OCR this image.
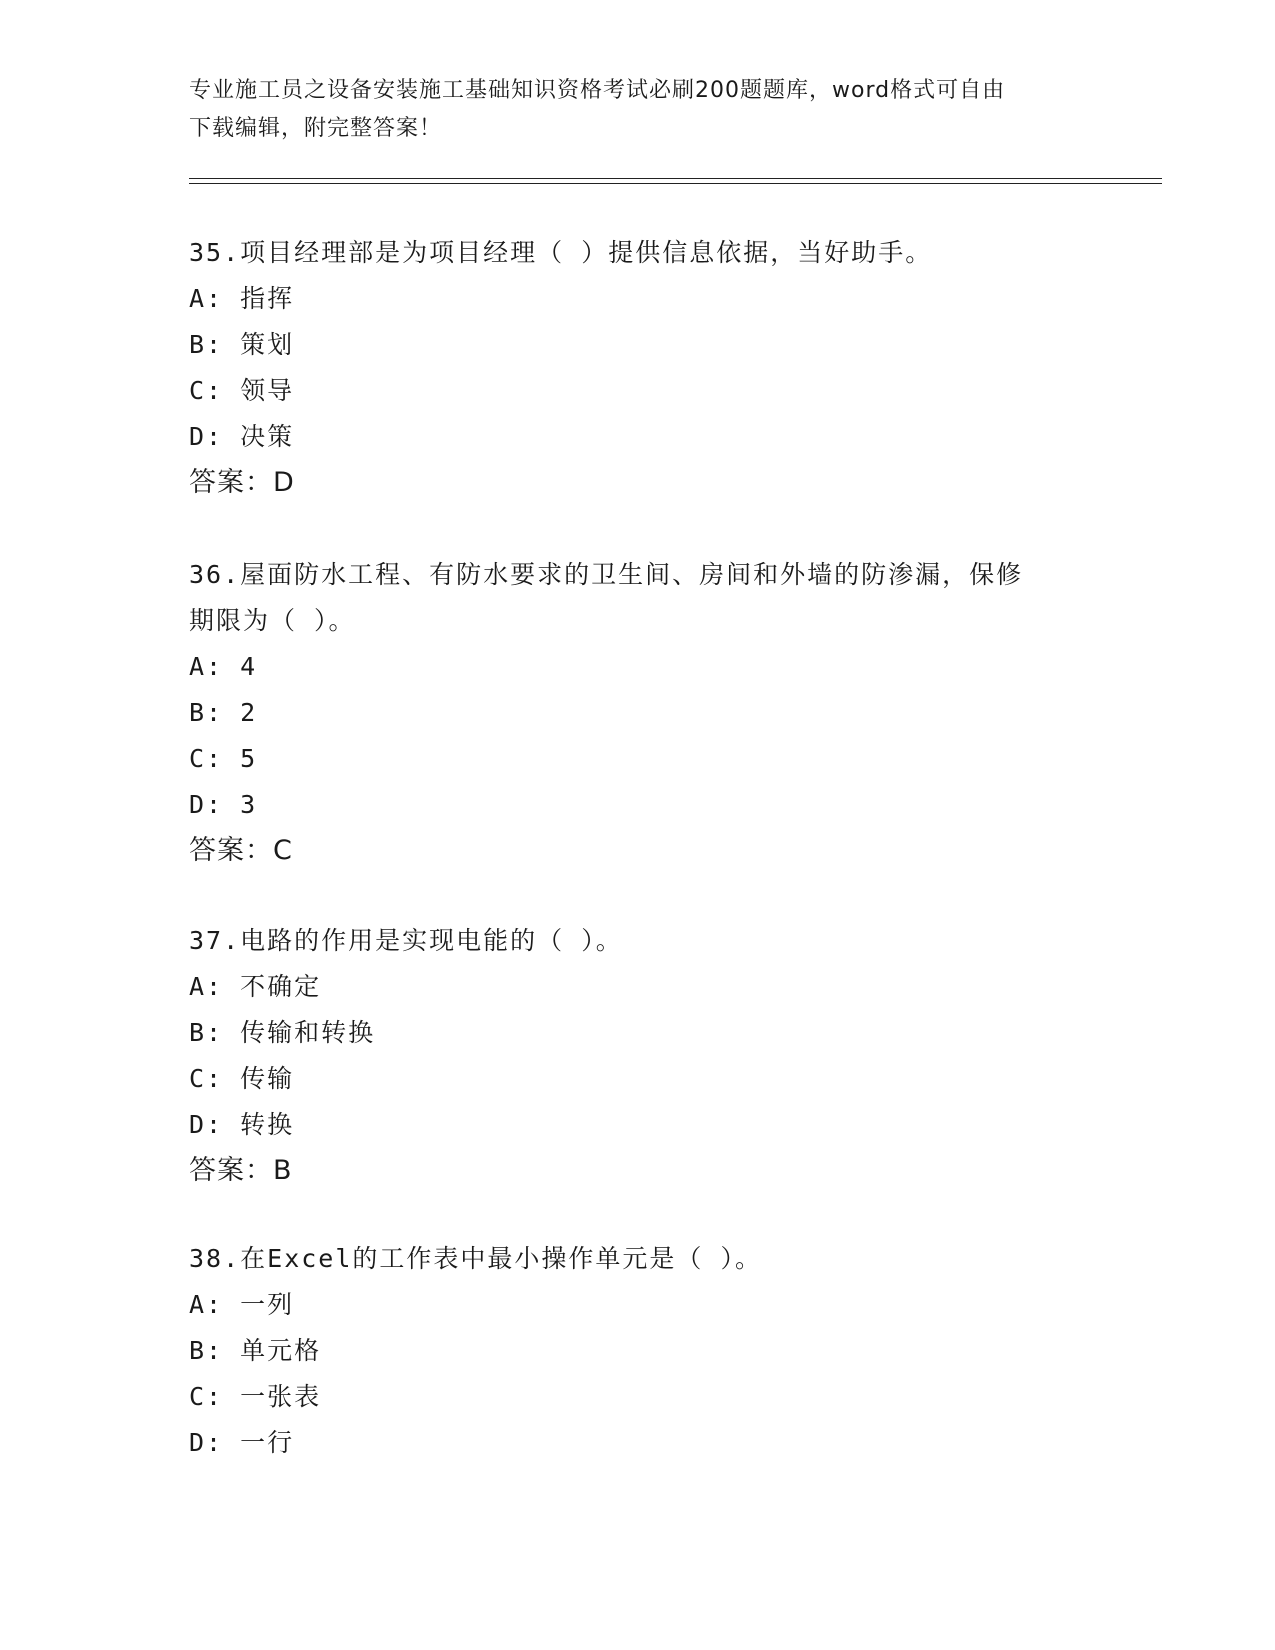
专业施工员之设备安装施工基础知识资格考试必刷200题题库，word格式可自由
下载编辑，附完整答案！

35.项目经理部是为项目经理（ ）提供信息依据，当好助手。

A: 指挥

B: 策划

C: 领导

D: 决策

答案：D

36.屋面防水工程、有防水要求的卫生间、房间和外墙的防渗漏，保修

期限为（ ）。

A: 4

B: 2

C: 5

D: 3

答案：C

37.电路的作用是实现电能的（ ）。

A: 不确定

B: 传输和转换

C: 传输

D: 转换

答案：B

38.在Excel的工作表中最小操作单元是（ ）。

A: 一列

B: 单元格

C: 一张表

D: 一行
